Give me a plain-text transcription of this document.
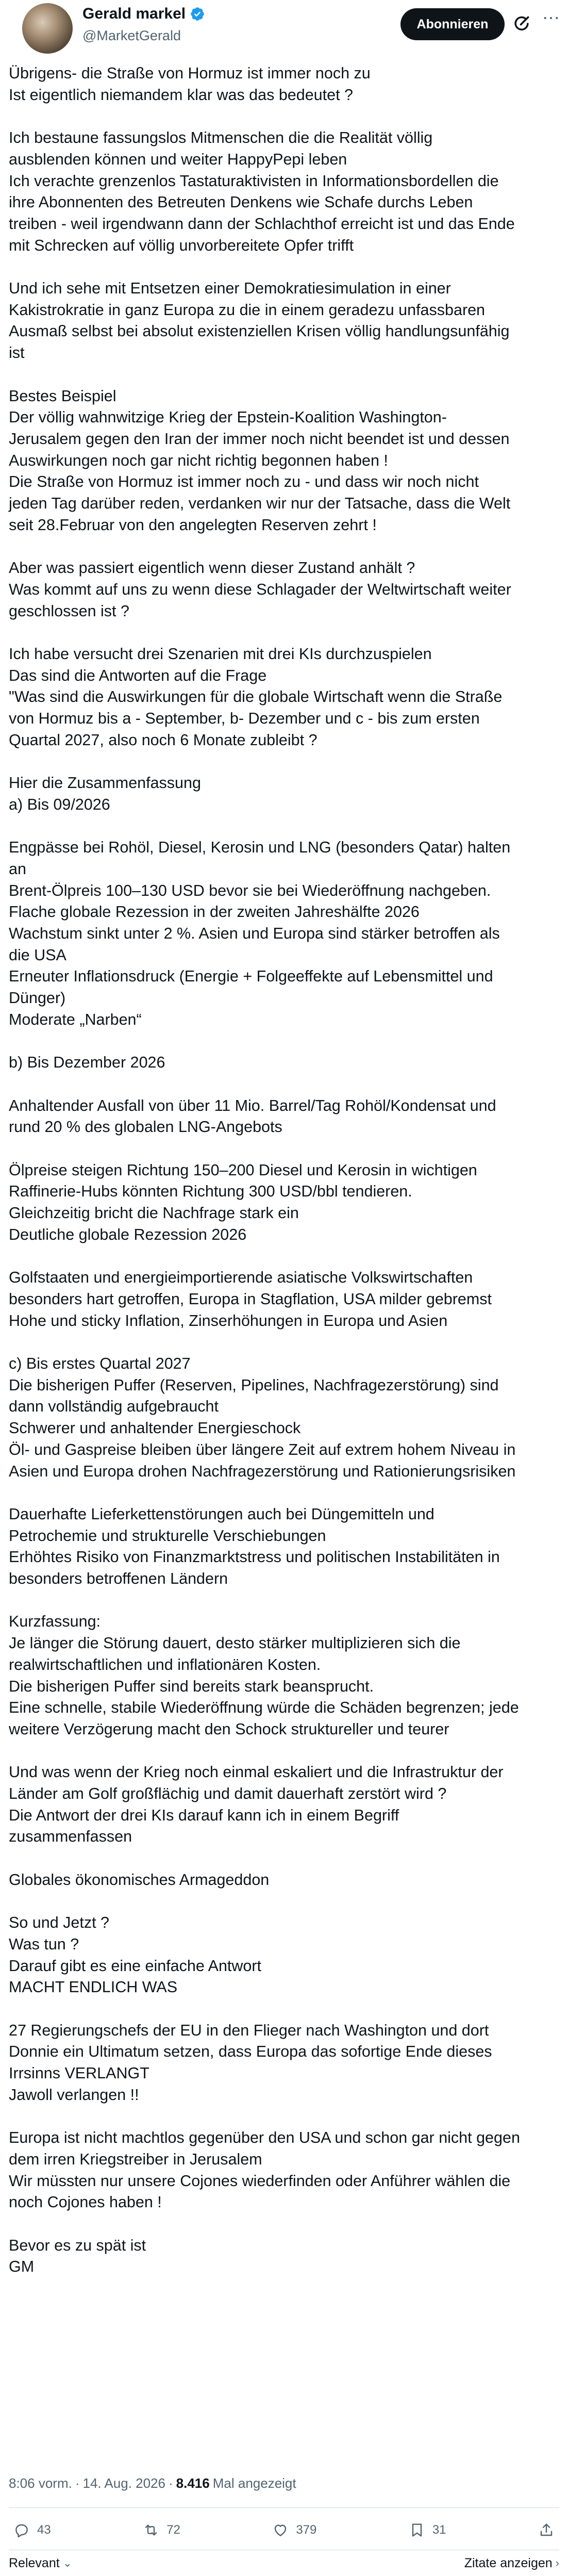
Gerald markel
@MarketGerald
Abonnieren	⋯

Übrigens- die Straße von Hormuz ist immer noch zu

Ist eigentlich niemandem klar was das bedeutet ?

Ich bestaune fassungslos Mitmenschen die die Realität völlig

ausblenden können und weiter HappyPepi leben

Ich verachte grenzenlos Tastaturaktivisten in Informationsbordellen die

ihre Abonnenten des Betreuten Denkens wie Schafe durchs Leben

treiben - weil irgendwann dann der Schlachthof erreicht ist und das Ende

mit Schrecken auf völlig unvorbereitete Opfer trifft

Und ich sehe mit Entsetzen einer Demokratiesimulation in einer

Kakistrokratie in ganz Europa zu die in einem geradezu unfassbaren

Ausmaß selbst bei absolut existenziellen Krisen völlig handlungsunfähig

ist

Bestes Beispiel

Der völlig wahnwitzige Krieg der Epstein-Koalition Washington-

Jerusalem gegen den Iran der immer noch nicht beendet ist und dessen

Auswirkungen noch gar nicht richtig begonnen haben !

Die Straße von Hormuz ist immer noch zu - und dass wir noch nicht

jeden Tag darüber reden, verdanken wir nur der Tatsache, dass die Welt

seit 28.Februar von den angelegten Reserven zehrt !

Aber was passiert eigentlich wenn dieser Zustand anhält ?

Was kommt auf uns zu wenn diese Schlagader der Weltwirtschaft weiter

geschlossen ist ?

Ich habe versucht drei Szenarien mit drei KIs durchzuspielen

Das sind die Antworten auf die Frage

"Was sind die Auswirkungen für die globale Wirtschaft wenn die Straße

von Hormuz bis a - September, b- Dezember und c - bis zum ersten

Quartal 2027, also noch 6 Monate zubleibt ?

Hier die Zusammenfassung

a) Bis 09/2026

Engpässe bei Rohöl, Diesel, Kerosin und LNG (besonders Qatar) halten

an

Brent-Ölpreis 100–130 USD bevor sie bei Wiederöffnung nachgeben.

Flache globale Rezession in der zweiten Jahreshälfte 2026

Wachstum sinkt unter 2 %. Asien und Europa sind stärker betroffen als

die USA

Erneuter Inflationsdruck (Energie + Folgeeffekte auf Lebensmittel und

Dünger)

Moderate „Narben“

b) Bis Dezember 2026

Anhaltender Ausfall von über 11 Mio. Barrel/Tag Rohöl/Kondensat und

rund 20 % des globalen LNG-Angebots

Ölpreise steigen Richtung 150–200 Diesel und Kerosin in wichtigen

Raffinerie-Hubs könnten Richtung 300 USD/bbl tendieren.

Gleichzeitig bricht die Nachfrage stark ein

Deutliche globale Rezession 2026

Golfstaaten und energieimportierende asiatische Volkswirtschaften

besonders hart getroffen, Europa in Stagflation, USA milder gebremst

Hohe und sticky Inflation, Zinserhöhungen in Europa und Asien

c) Bis erstes Quartal 2027

Die bisherigen Puffer (Reserven, Pipelines, Nachfragezerstörung) sind

dann vollständig aufgebraucht

Schwerer und anhaltender Energieschock

Öl- und Gaspreise bleiben über längere Zeit auf extrem hohem Niveau in

Asien und Europa drohen Nachfragezerstörung und Rationierungsrisiken

Dauerhafte Lieferkettenstörungen auch bei Düngemitteln und

Petrochemie und strukturelle Verschiebungen

Erhöhtes Risiko von Finanzmarktstress und politischen Instabilitäten in

besonders betroffenen Ländern

Kurzfassung:

Je länger die Störung dauert, desto stärker multiplizieren sich die

realwirtschaftlichen und inflationären Kosten.

Die bisherigen Puffer sind bereits stark beansprucht.

Eine schnelle, stabile Wiederöffnung würde die Schäden begrenzen; jede

weitere Verzögerung macht den Schock struktureller und teurer

Und was wenn der Krieg noch einmal eskaliert und die Infrastruktur der

Länder am Golf großflächig und damit dauerhaft zerstört wird ?

Die Antwort der drei KIs darauf kann ich in einem Begriff

zusammenfassen

Globales ökonomisches Armageddon

So und Jetzt ?

Was tun ?

Darauf gibt es eine einfache Antwort

MACHT ENDLICH WAS

27 Regierungschefs der EU in den Flieger nach Washington und dort

Donnie ein Ultimatum setzen, dass Europa das sofortige Ende dieses

Irrsinns VERLANGT

Jawoll verlangen !!

Europa ist nicht machtlos gegenüber den USA und schon gar nicht gegen

dem irren Kriegstreiber in Jerusalem

Wir müssten nur unsere Cojones wiederfinden oder Anführer wählen die

noch Cojones haben !

Bevor es zu spät ist

GM

8:06 vorm. · 14. Aug. 2026 · 8.416 Mal angezeigt
43	72	379	31
Relevant ⌄	Zitate anzeigen ›
